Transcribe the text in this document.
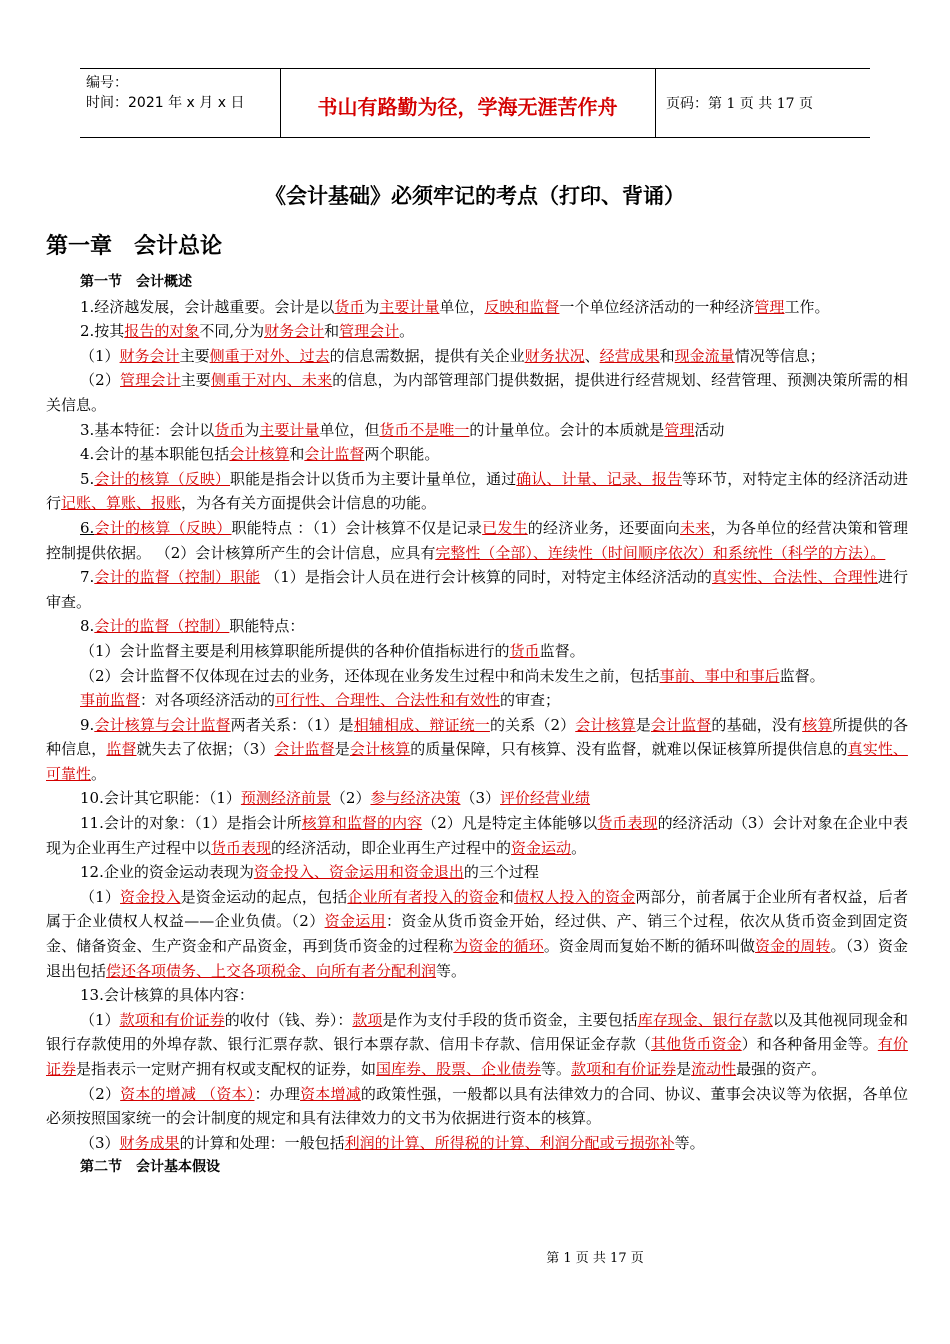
编号：
时间：2021 年 x 月 x 日	书山有路勤为径，学海无涯苦作舟	页码：第 1 页 共 17 页
《会计基础》必须牢记的考点（打印、背诵）
第一章　会计总论

第一节　会计概述

1.经济越发展，会计越重要。会计是以货币为主要计量单位，反映和监督一个单位经济活动的一种经济管理工作。

2.按其报告的对象不同,分为财务会计和管理会计。

（1）财务会计主要侧重于对外、过去的信息需数据，提供有关企业财务状况、经营成果和现金流量情况等信息；

（2）管理会计主要侧重于对内、未来的信息，为内部管理部门提供数据，提供进行经营规划、经营管理、预测决策所需的相关信息。

3.基本特征：会计以货币为主要计量单位，但货币不是唯一的计量单位。会计的本质就是管理活动

4.会计的基本职能包括会计核算和会计监督两个职能。

5.会计的核算（反映）职能是指会计以货币为主要计量单位，通过确认、计量、记录、报告等环节，对特定主体的经济活动进行记账、算账、报账，为各有关方面提供会计信息的功能。

6.会计的核算（反映）职能特点 ：（1）会计核算不仅是记录已发生的经济业务，还要面向未来，为各单位的经营决策和管理控制提供依据。 （2）会计核算所产生的会计信息，应具有完整性（全部）、连续性（时间顺序依次）和系统性（科学的方法）。

7.会计的监督（控制）职能 （1）是指会计人员在进行会计核算的同时，对特定主体经济活动的真实性、合法性、合理性进行审查。

8.会计的监督（控制）职能特点：

（1）会计监督主要是利用核算职能所提供的各种价值指标进行的货币监督。

（2）会计监督不仅体现在过去的业务，还体现在业务发生过程中和尚未发生之前，包括事前、事中和事后监督。

事前监督：对各项经济活动的可行性、合理性、合法性和有效性的审查；

9.会计核算与会计监督两者关系：（1）是相辅相成、辩证统一的关系（2）会计核算是会计监督的基础，没有核算所提供的各种信息，监督就失去了依据；（3）会计监督是会计核算的质量保障，只有核算、没有监督，就难以保证核算所提供信息的真实性、可靠性。

10.会计其它职能：（1）预测经济前景（2）参与经济决策（3）评价经营业绩

11.会计的对象：（1）是指会计所核算和监督的内容（2）凡是特定主体能够以货币表现的经济活动（3）会计对象在企业中表现为企业再生产过程中以货币表现的经济活动，即企业再生产过程中的资金运动。

12.企业的资金运动表现为资金投入、资金运用和资金退出的三个过程

（1）资金投入是资金运动的起点，包括企业所有者投入的资金和债权人投入的资金两部分，前者属于企业所有者权益，后者属于企业债权人权益——企业负债。（2）资金运用：资金从货币资金开始，经过供、产、销三个过程，依次从货币资金到固定资金、储备资金、生产资金和产品资金，再到货币资金的过程称为资金的循环。资金周而复始不断的循环叫做资金的周转。（3）资金退出包括偿还各项债务、上交各项税金、向所有者分配利润等。

13.会计核算的具体内容：

（1）款项和有价证券的收付（钱、券）：款项是作为支付手段的货币资金，主要包括库存现金、银行存款以及其他视同现金和银行存款使用的外埠存款、银行汇票存款、银行本票存款、信用卡存款、信用保证金存款（其他货币资金）和各种备用金等。有价证券是指表示一定财产拥有权或支配权的证券，如国库券、股票、企业债券等。款项和有价证券是流动性最强的资产。

（2）资本的增减 （资本）：办理资本增减的政策性强，一般都以具有法律效力的合同、协议、董事会决议等为依据，各单位必须按照国家统一的会计制度的规定和具有法律效力的文书为依据进行资本的核算。

（3）财务成果的计算和处理：一般包括利润的计算、所得税的计算、利润分配或亏损弥补等。

第二节　会计基本假设

第 1 页 共 17 页
